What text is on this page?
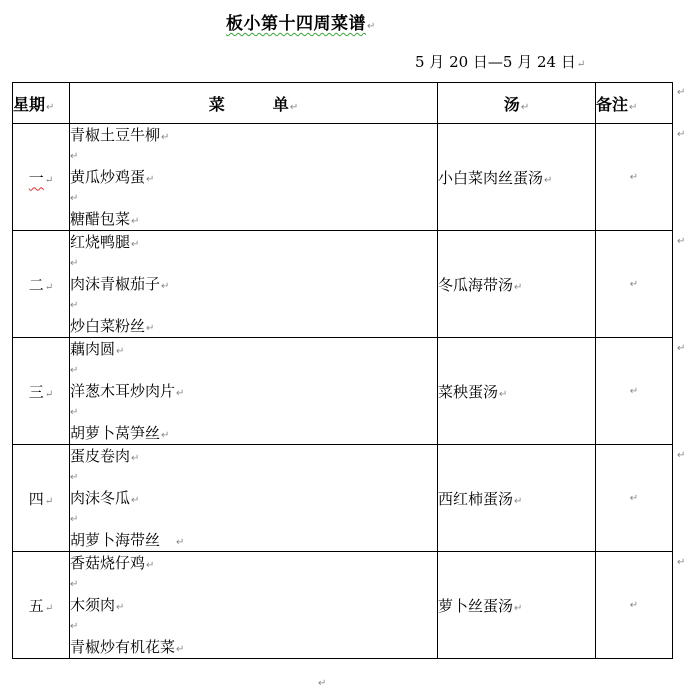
板小第十四周菜谱↵
5 月 20 日—5 月 24 日↵
星期↵	菜 单↵	汤↵	备注↵
一↵	青椒土豆牛柳↵
↵
黄瓜炒鸡蛋↵
↵
糖醋包菜↵	小白菜肉丝蛋汤↵	↵
二↵	红烧鸭腿↵
↵
肉沫青椒茄子↵
↵
炒白菜粉丝↵	冬瓜海带汤↵	↵
三↵	藕肉圆↵
↵
洋葱木耳炒肉片↵
↵
胡萝卜莴笋丝↵	菜秧蛋汤↵	↵
四↵	蛋皮卷肉↵
↵
肉沫冬瓜↵
↵
胡萝卜海带丝 ↵	西红柿蛋汤↵	↵
五↵	香菇烧仔鸡↵
↵
木须肉↵
↵
青椒炒有机花菜↵	萝卜丝蛋汤↵	↵
↵
↵
↵
↵
↵
↵
↵
